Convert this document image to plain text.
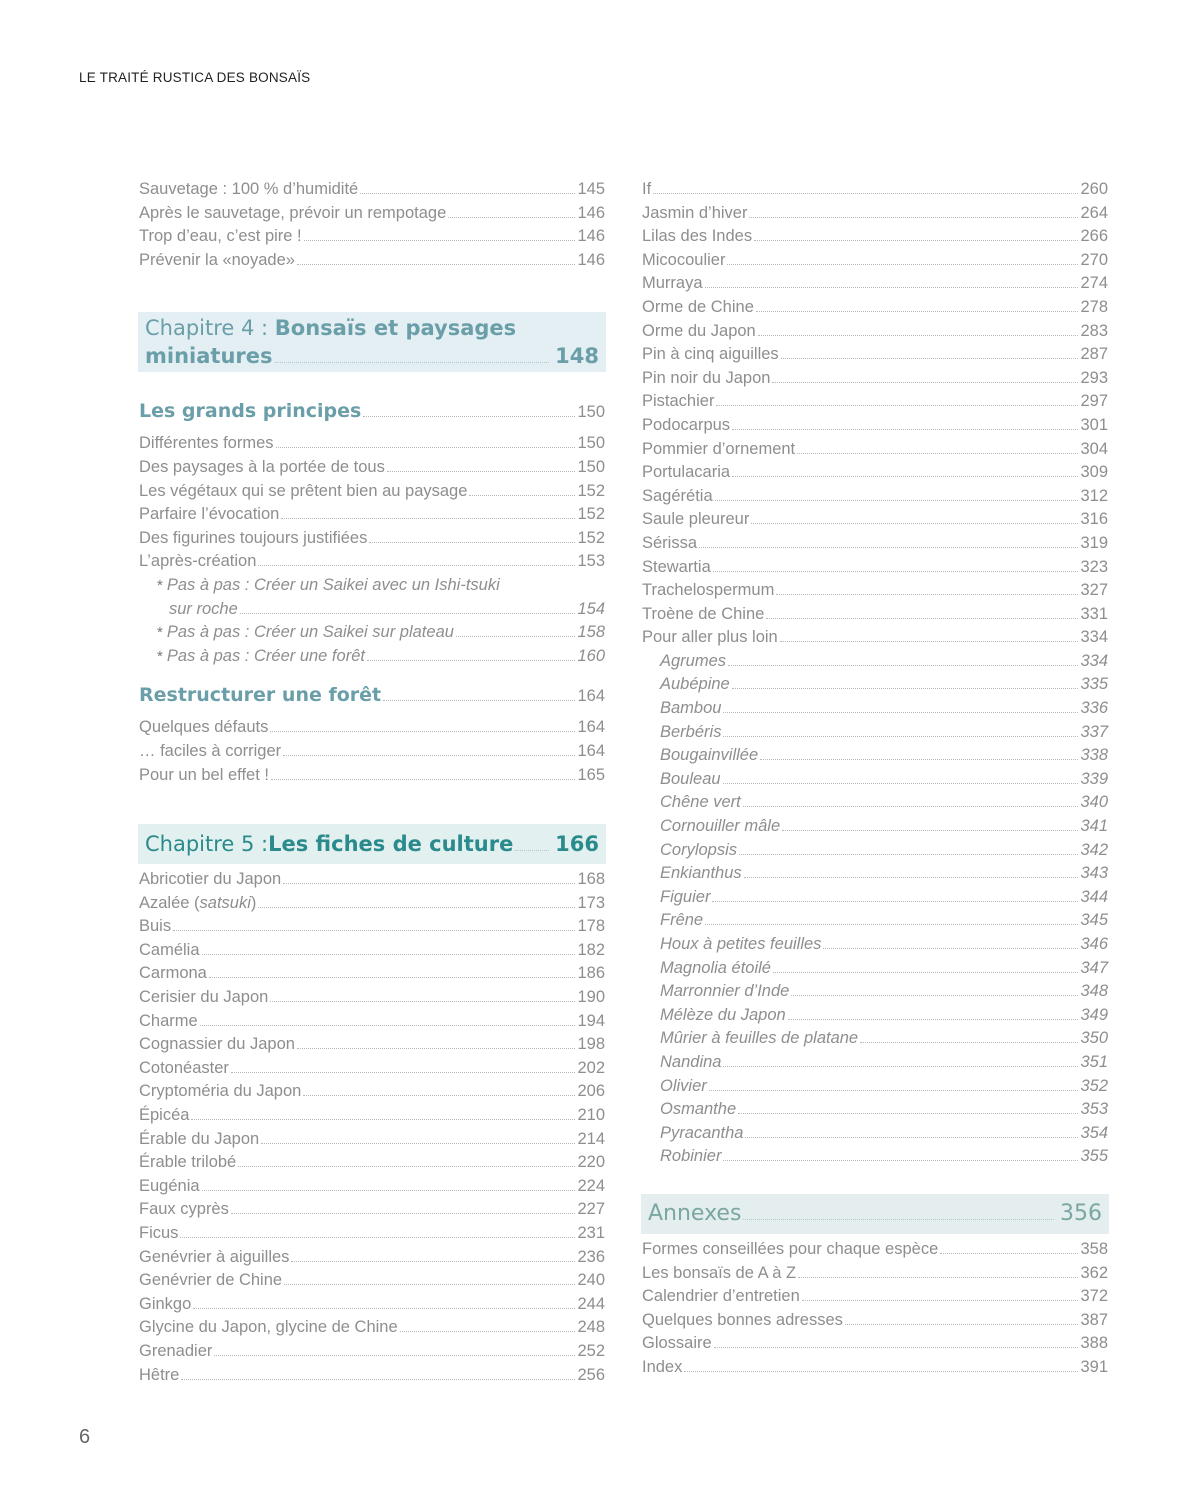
LE TRAITÉ RUSTICA DES BONSAÏS
Sauvetage : 100 % d’humidité	145
Après le sauvetage, prévoir un rempotage	146
Trop d’eau, c’est pire !	146
Prévenir la «noyade»	146
Chapitre 4 : Bonsaïs et paysages
miniatures	148
Les grands principes	150
Différentes formes	150
Des paysages à la portée de tous	150
Les végétaux qui se prêtent bien au paysage	152
Parfaire l’évocation	152
Des figurines toujours justifiées	152
L’après-création	153
* Pas à pas : Créer un Saikei avec un Ishi-tsuki
sur roche	154
* Pas à pas : Créer un Saikei sur plateau	158
* Pas à pas : Créer une forêt	160
Restructurer une forêt	164
Quelques défauts	164
… faciles à corriger	164
Pour un bel effet !	165
Chapitre 5 : Les fiches de culture 166
Abricotier du Japon	168
Azalée (satsuki)	173
Buis	178
Camélia	182
Carmona	186
Cerisier du Japon	190
Charme	194
Cognassier du Japon	198
Cotonéaster	202
Cryptoméria du Japon	206
Épicéa	210
Érable du Japon	214
Érable trilobé	220
Eugénia	224
Faux cyprès	227
Ficus	231
Genévrier à aiguilles	236
Genévrier de Chine	240
Ginkgo	244
Glycine du Japon, glycine de Chine	248
Grenadier	252
Hêtre	256
If	260
Jasmin d’hiver	264
Lilas des Indes	266
Micocoulier	270
Murraya	274
Orme de Chine	278
Orme du Japon	283
Pin à cinq aiguilles	287
Pin noir du Japon	293
Pistachier	297
Podocarpus	301
Pommier d’ornement	304
Portulacaria	309
Sagérétia	312
Saule pleureur	316
Sérissa	319
Stewartia	323
Trachelospermum	327
Troène de Chine	331
Pour aller plus loin	334
Agrumes	334
Aubépine	335
Bambou	336
Berbéris	337
Bougainvillée	338
Bouleau	339
Chêne vert	340
Cornouiller mâle	341
Corylopsis	342
Enkianthus	343
Figuier	344
Frêne	345
Houx à petites feuilles	346
Magnolia étoilé	347
Marronnier d’Inde	348
Mélèze du Japon	349
Mûrier à feuilles de platane	350
Nandina	351
Olivier	352
Osmanthe	353
Pyracantha	354
Robinier	355
Annexes	356
Formes conseillées pour chaque espèce	358
Les bonsaïs de A à Z	362
Calendrier d’entretien	372
Quelques bonnes adresses	387
Glossaire	388
Index	391
6
